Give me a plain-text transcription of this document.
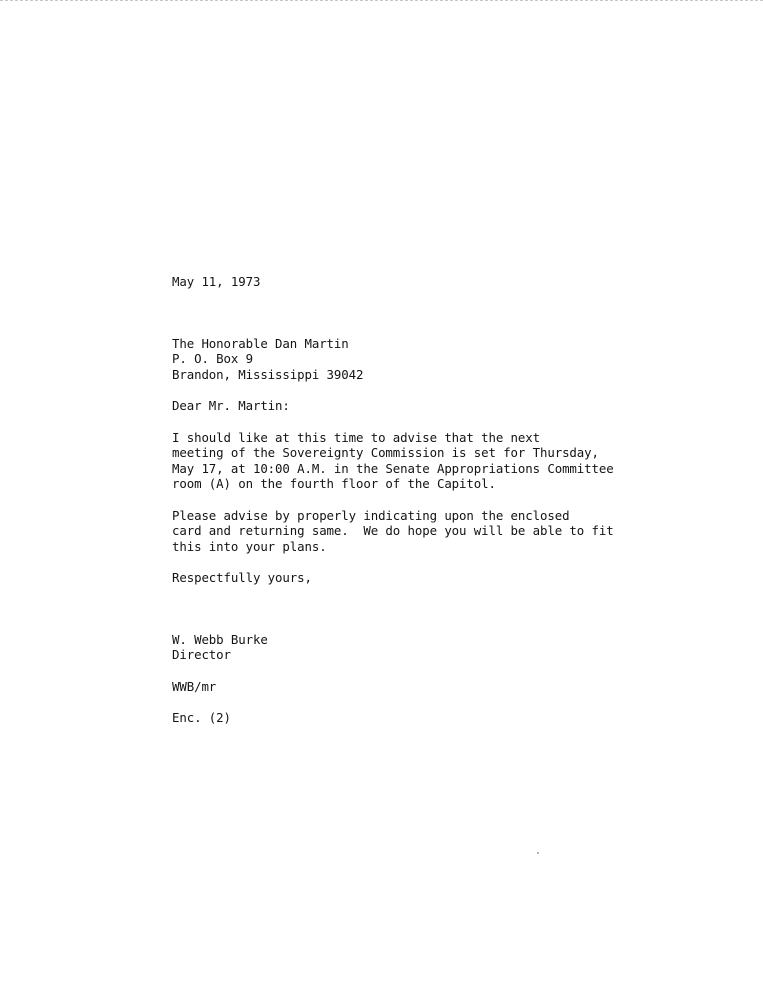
May 11, 1973
The Honorable Dan Martin
P. O. Box 9
Brandon, Mississippi 39042
Dear Mr. Martin:
I should like at this time to advise that the next
meeting of the Sovereignty Commission is set for Thursday,
May 17, at 10:00 A.M. in the Senate Appropriations Committee
room (A) on the fourth floor of the Capitol.
Please advise by properly indicating upon the enclosed
card and returning same.  We do hope you will be able to fit
this into your plans.
Respectfully yours,
W. Webb Burke
Director
WWB/mr
Enc. (2)
